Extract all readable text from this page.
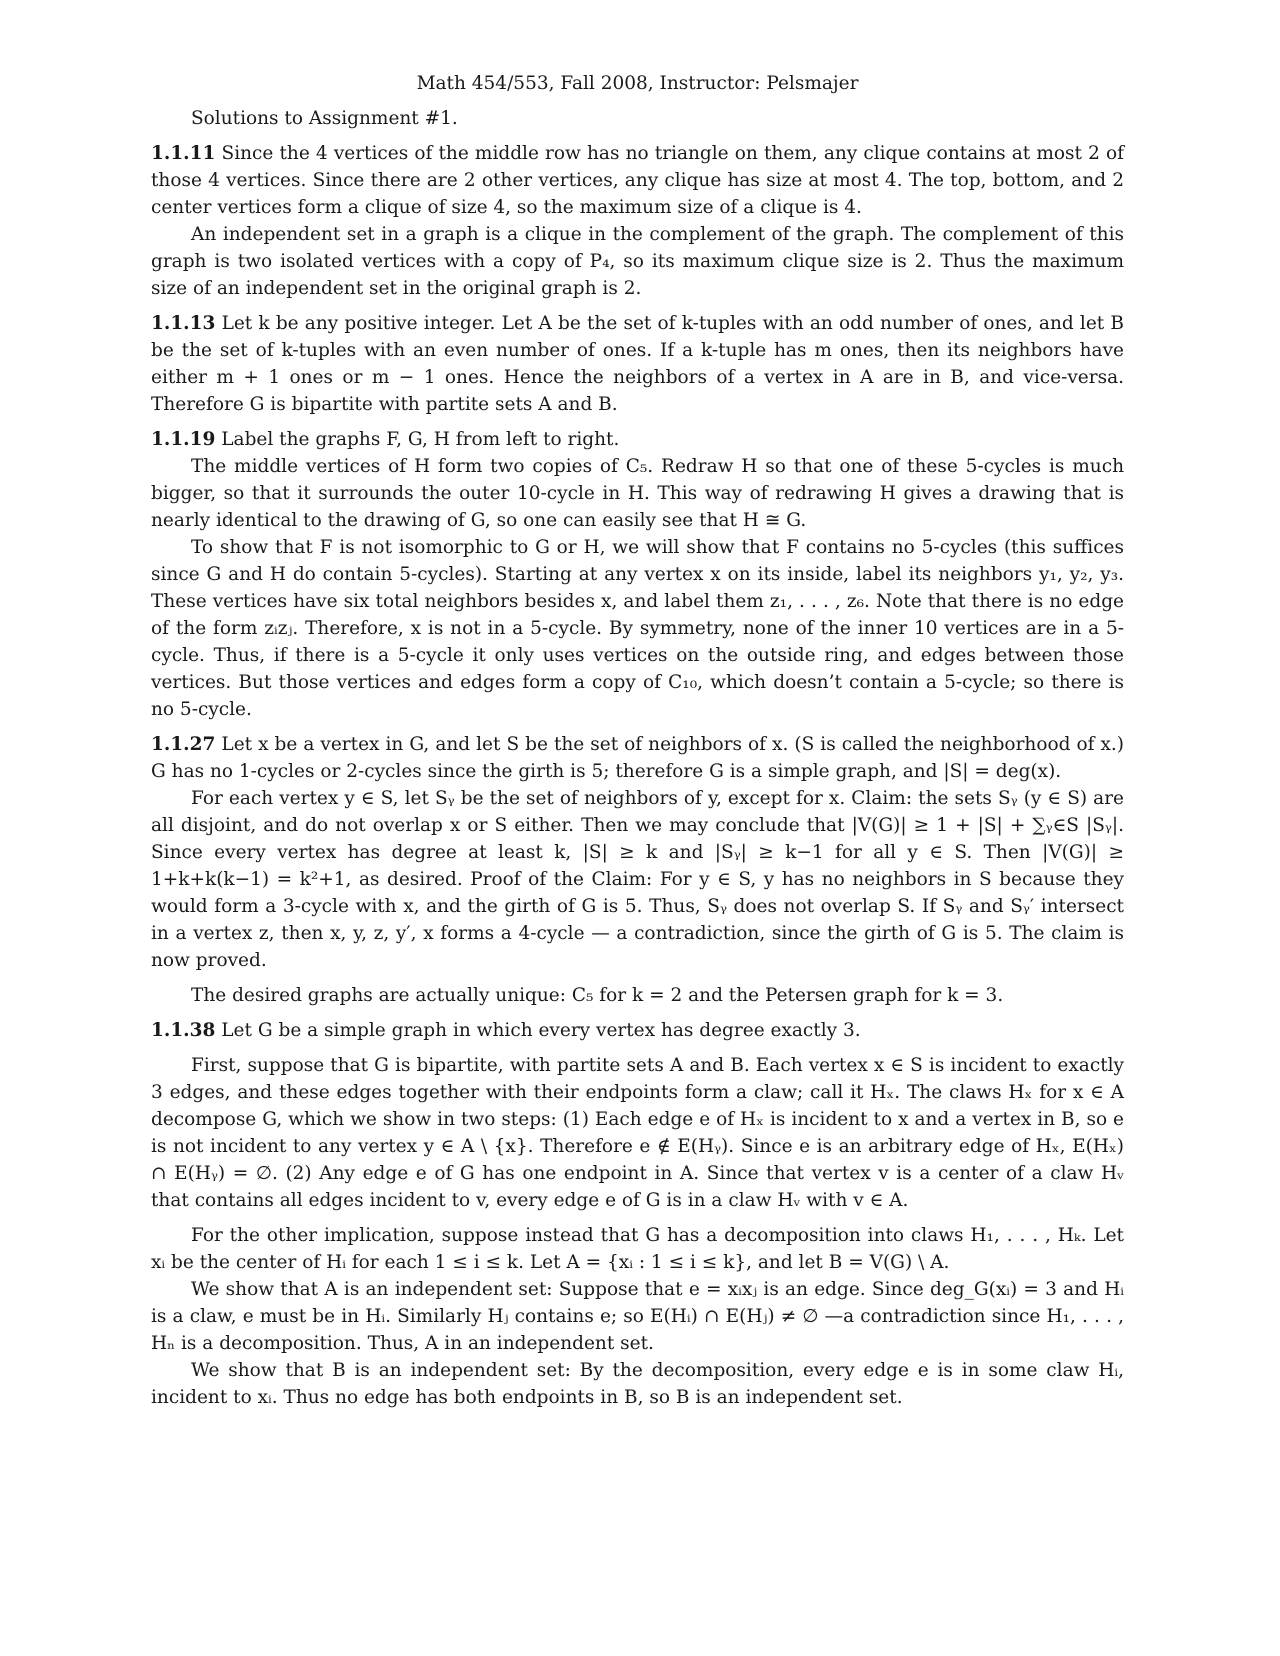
Math 454/553, Fall 2008, Instructor: Pelsmajer
Solutions to Assignment #1.

1.1.11 Since the 4 vertices of the middle row has no triangle on them, any clique contains at most 2 of those 4 vertices. Since there are 2 other vertices, any clique has size at most 4. The top, bottom, and 2 center vertices form a clique of size 4, so the maximum size of a clique is 4.

An independent set in a graph is a clique in the complement of the graph. The complement of this graph is two isolated vertices with a copy of P₄, so its maximum clique size is 2. Thus the maximum size of an independent set in the original graph is 2.

1.1.13 Let k be any positive integer. Let A be the set of k-tuples with an odd number of ones, and let B be the set of k-tuples with an even number of ones. If a k-tuple has m ones, then its neighbors have either m + 1 ones or m − 1 ones. Hence the neighbors of a vertex in A are in B, and vice-versa. Therefore G is bipartite with partite sets A and B.

1.1.19 Label the graphs F, G, H from left to right.

The middle vertices of H form two copies of C₅. Redraw H so that one of these 5-cycles is much bigger, so that it surrounds the outer 10-cycle in H. This way of redrawing H gives a drawing that is nearly identical to the drawing of G, so one can easily see that H ≅ G.

To show that F is not isomorphic to G or H, we will show that F contains no 5-cycles (this suffices since G and H do contain 5-cycles). Starting at any vertex x on its inside, label its neighbors y₁, y₂, y₃. These vertices have six total neighbors besides x, and label them z₁, . . . , z₆. Note that there is no edge of the form zᵢzⱼ. Therefore, x is not in a 5-cycle. By symmetry, none of the inner 10 vertices are in a 5-cycle. Thus, if there is a 5-cycle it only uses vertices on the outside ring, and edges between those vertices. But those vertices and edges form a copy of C₁₀, which doesn’t contain a 5-cycle; so there is no 5-cycle.

1.1.27 Let x be a vertex in G, and let S be the set of neighbors of x. (S is called the neighborhood of x.) G has no 1-cycles or 2-cycles since the girth is 5; therefore G is a simple graph, and |S| = deg(x).

For each vertex y ∈ S, let Sᵧ be the set of neighbors of y, except for x. Claim: the sets Sᵧ (y ∈ S) are all disjoint, and do not overlap x or S either. Then we may conclude that |V(G)| ≥ 1 + |S| + ∑ᵧ∈S |Sᵧ|. Since every vertex has degree at least k, |S| ≥ k and |Sᵧ| ≥ k−1 for all y ∈ S. Then |V(G)| ≥ 1+k+k(k−1) = k²+1, as desired. Proof of the Claim: For y ∈ S, y has no neighbors in S because they would form a 3-cycle with x, and the girth of G is 5. Thus, Sᵧ does not overlap S. If Sᵧ and Sᵧ′ intersect in a vertex z, then x, y, z, y′, x forms a 4-cycle — a contradiction, since the girth of G is 5. The claim is now proved.

The desired graphs are actually unique: C₅ for k = 2 and the Petersen graph for k = 3.

1.1.38 Let G be a simple graph in which every vertex has degree exactly 3.

First, suppose that G is bipartite, with partite sets A and B. Each vertex x ∈ S is incident to exactly 3 edges, and these edges together with their endpoints form a claw; call it Hₓ. The claws Hₓ for x ∈ A decompose G, which we show in two steps: (1) Each edge e of Hₓ is incident to x and a vertex in B, so e is not incident to any vertex y ∈ A \ {x}. Therefore e ∉ E(Hᵧ). Since e is an arbitrary edge of Hₓ, E(Hₓ) ∩ E(Hᵧ) = ∅. (2) Any edge e of G has one endpoint in A. Since that vertex v is a center of a claw Hᵥ that contains all edges incident to v, every edge e of G is in a claw Hᵥ with v ∈ A.

For the other implication, suppose instead that G has a decomposition into claws H₁, . . . , Hₖ. Let xᵢ be the center of Hᵢ for each 1 ≤ i ≤ k. Let A = {xᵢ : 1 ≤ i ≤ k}, and let B = V(G) \ A.

We show that A is an independent set: Suppose that e = xᵢxⱼ is an edge. Since deg_G(xᵢ) = 3 and Hᵢ is a claw, e must be in Hᵢ. Similarly Hⱼ contains e; so E(Hᵢ) ∩ E(Hⱼ) ≠ ∅ —a contradiction since H₁, . . . , Hₙ is a decomposition. Thus, A in an independent set.

We show that B is an independent set: By the decomposition, every edge e is in some claw Hᵢ, incident to xᵢ. Thus no edge has both endpoints in B, so B is an independent set.
